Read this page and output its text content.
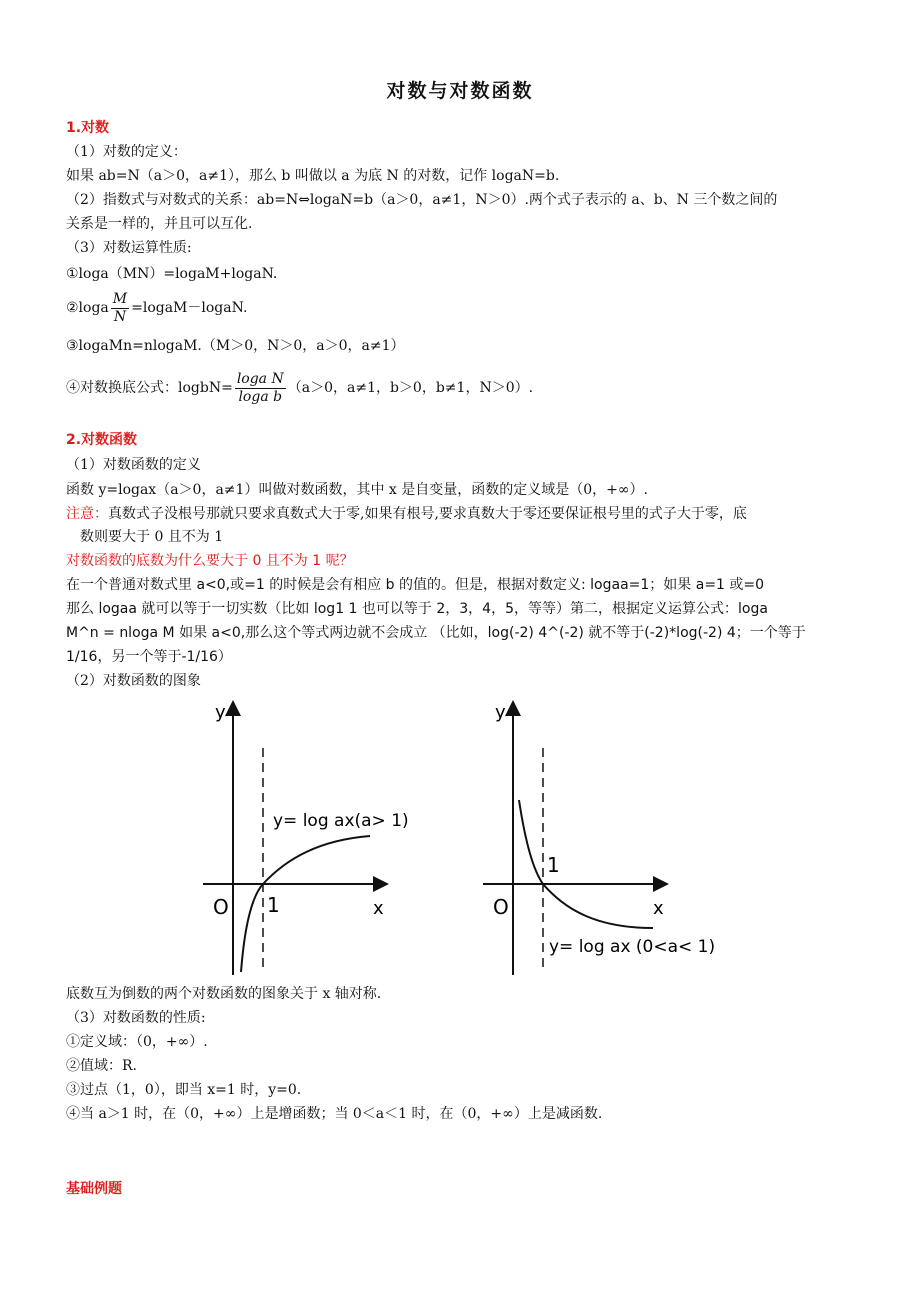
对数与对数函数
1.对数
（1）对数的定义：
如果 ab=N（a＞0，a≠1），那么 b 叫做以 a 为底 N 的对数，记作 logaN=b.
（2）指数式与对数式的关系：ab=N⇔logaN=b（a＞0，a≠1，N＞0）.两个式子表示的 a、b、N 三个数之间的
关系是一样的，并且可以互化.
（3）对数运算性质:
①loga（MN）=logaM+logaN.
②loga $\frac{M}{N}$ =logaM－logaN.
③logaMn=nlogaM.（M＞0，N＞0，a＞0，a≠1）
④对数换底公式：logbN= $\frac{\text{loga N}}{\text{loga b}} (a>0$，a≠1，b＞0，b≠1，N＞0）.
2.对数函数
（1）对数函数的定义
函数 y=logax（a＞0，a≠1）叫做对数函数，其中 x 是自变量，函数的定义域是（0，+∞）.
注意：真数式子没根号那就只要求真数式大于零,如果有根号,要求真数大于零还要保证根号里的式子大于零，底
数则要大于 0 且不为 1
对数函数的底数为什么要大于 0 且不为 1 呢？
在一个普通对数式里 a<0,或=1 的时候是会有相应 b 的值的。但是，根据对数定义: logaa=1；如果 a=1 或=0
那么 logaa 就可以等于一切实数（比如 log1 1 也可以等于 2，3，4，5，等等）第二，根据定义运算公式：loga
M^n = nloga M 如果 a<0,那么这个等式两边就不会成立 （比如，log(-2) 4^(-2) 就不等于(-2)*log(-2) 4；一个等于
1/16，另一个等于-1/16）
（2）对数函数的图象
y
x
O 1
y= log ax(a> 1)
y
x
O
1
y= log ax (0<a< 1)
底数互为倒数的两个对数函数的图象关于 x 轴对称.
（3）对数函数的性质:
①定义域：（0，+∞）.
②值域：R.
③过点（1，0），即当 x=1 时，y=0.
④当 a＞1 时，在（0，+∞）上是增函数；当 0＜a＜1 时，在（0，+∞）上是减函数.
基础例题
